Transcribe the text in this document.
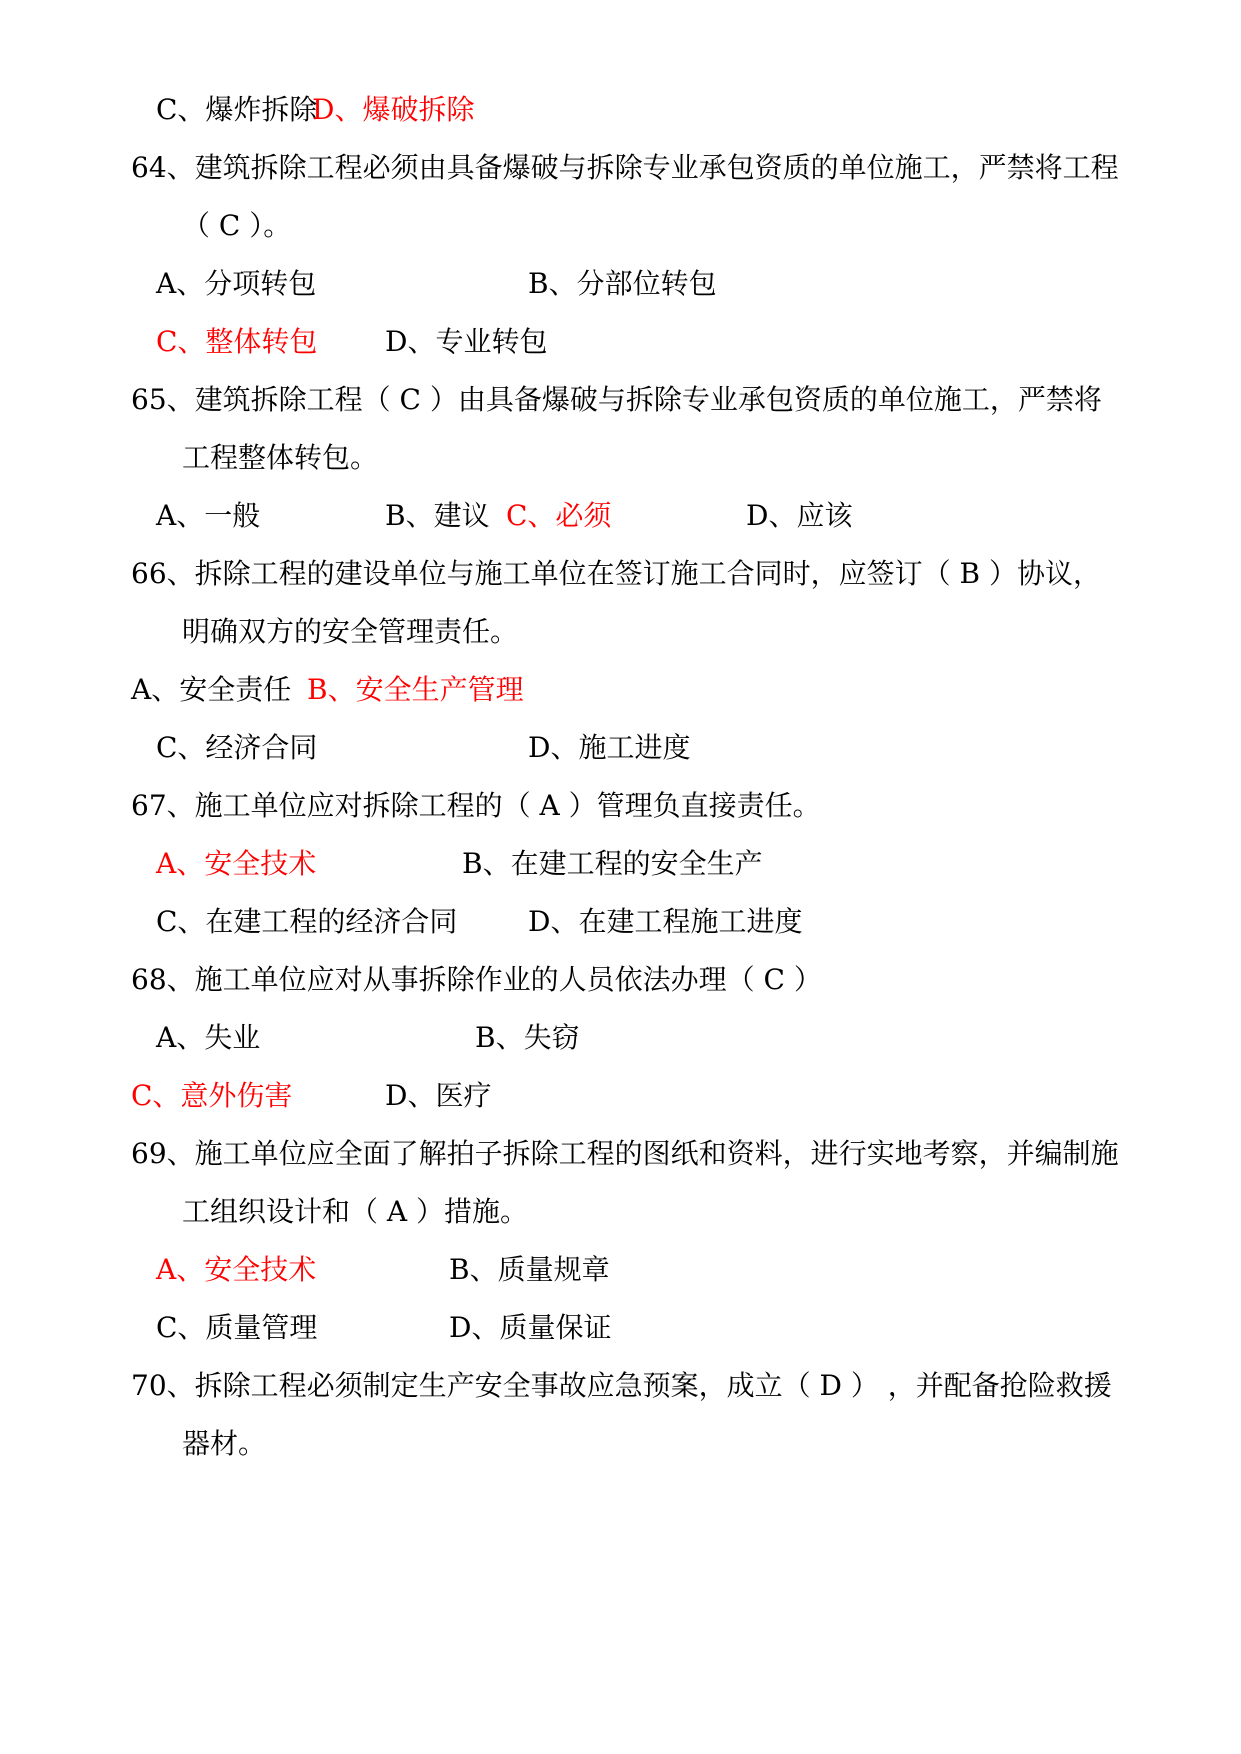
C、爆炸拆除
D、爆破拆除
64、建筑拆除工程必须由具备爆破与拆除专业承包资质的单位施工，严禁将工程
（ C ）。
A、分项转包	B、分部位转包
C、整体转包 D、专业转包
65、建筑拆除工程（ C ）由具备爆破与拆除专业承包资质的单位施工，严禁将
工程整体转包。
A、一般	B、建议 C、必须	D、应该
66、拆除工程的建设单位与施工单位在签订施工合同时，应签订（ B ）协议，
明确双方的安全管理责任。
A、安全责任 B、安全生产管理
C、经济合同	D、施工进度
67、施工单位应对拆除工程的（ A ）管理负直接责任。
A、安全技术	B、在建工程的安全生产
C、在建工程的经济合同	D、在建工程施工进度
68、施工单位应对从事拆除作业的人员依法办理（ C ）
A、失业	B、失窃
C、意外伤害	D、医疗
69、施工单位应全面了解拍子拆除工程的图纸和资料，进行实地考察，并编制施
工组织设计和（ A ）措施。
A、安全技术	B、质量规章
C、质量管理	D、质量保证
70、拆除工程必须制定生产安全事故应急预案，成立（ D ） ，并配备抢险救援
器材。
